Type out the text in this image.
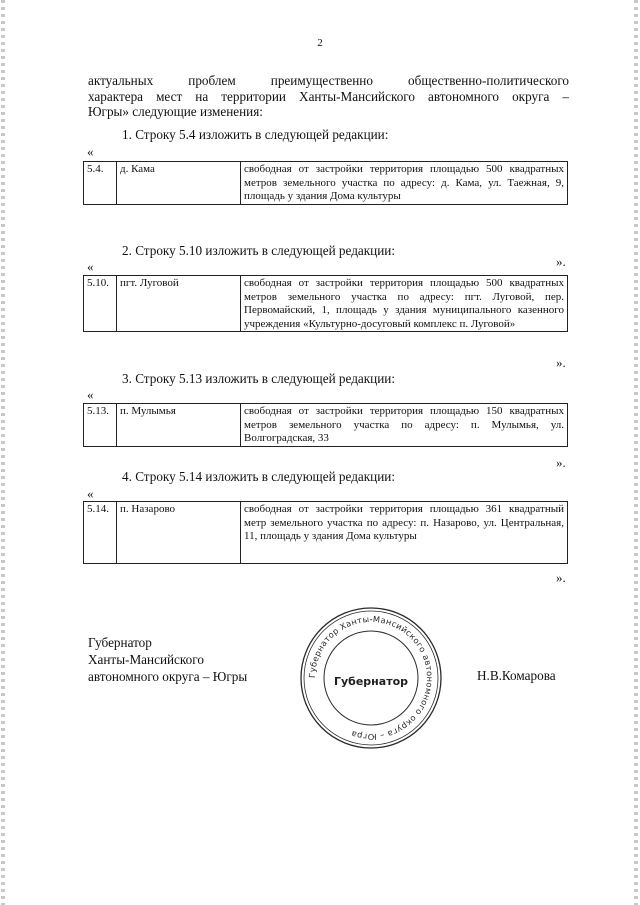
2
актуальных проблем преимущественно общественно-политического
характера мест на территории Ханты-Мансийского автономного округа –
Югры» следующие изменения:
1. Строку 5.4 изложить в следующей редакции:
«
5.4.	д. Кама	свободная от застройки территория площадью 500 квадратных метров земельного участка по адресу: д. Кама, ул. Таежная, 9, площадь у здания Дома культуры
».
2. Строку 5.10 изложить в следующей редакции:
«
5.10.	пгт. Луговой	свободная от застройки территория площадью 500 квадратных метров земельного участка по адресу: пгт. Луговой, пер. Первомайский, 1, площадь у здания муниципального казенного учреждения «Культурно-досуговый комплекс п. Луговой»
».
3. Строку 5.13 изложить в следующей редакции:
«
5.13.	п. Мулымья	свободная от застройки территория площадью 150 квадратных метров земельного участка по адресу: п. Мулымья, ул. Волгоградская, 33
».
4. Строку 5.14 изложить в следующей редакции:
«
5.14.	п. Назарово	свободная от застройки территория площадью 361 квадратный метр земельного участка по адресу: п. Назарово, ул. Центральная, 11, площадь у здания Дома культуры
».
Губернатор
Ханты-Мансийского
автономного округа – Югры	Губернатор Ханты-Мансийского автономного округа – Югра
Губернатор	Н.В.Комарова
